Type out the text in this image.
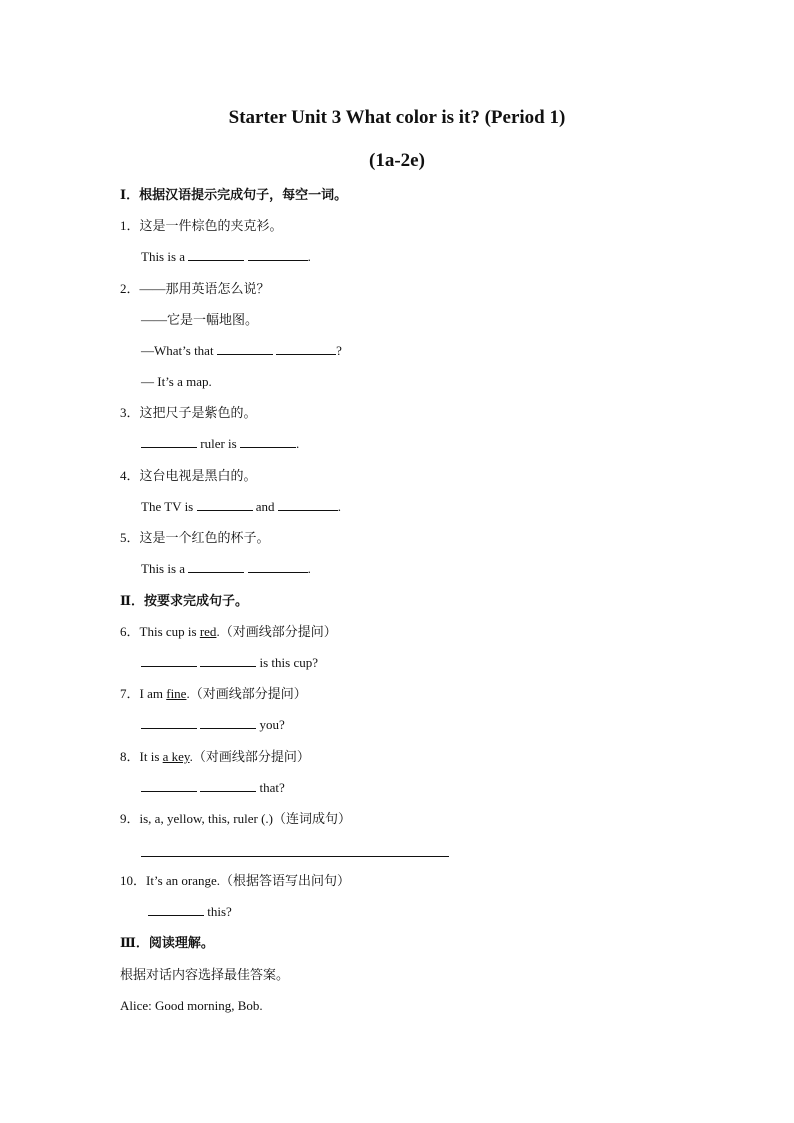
Starter Unit 3 What color is it? (Period 1)
(1a-2e)
Ⅰ．根据汉语提示完成句子，每空一词。
1．这是一件棕色的夹克衫。
This is a	.
2．——那用英语怎么说？
——它是一幅地图。
—What’s that	?
— It’s a map.
3．这把尺子是紫色的。
ruler is	.
4．这台电视是黑白的。
The TV is	and	.
5．这是一个红色的杯子。
This is a	.
Ⅱ．按要求完成句子。
6．This cup is red.（对画线部分提问）
is this cup?
7．I am fine.（对画线部分提问）
you?
8．It is a key.（对画线部分提问）
that?
9．is, a, yellow, this, ruler (.)（连词成句）
10．It’s an orange.（根据答语写出问句）
this?
Ⅲ．阅读理解。
根据对话内容选择最佳答案。
Alice: Good morning, Bob.
